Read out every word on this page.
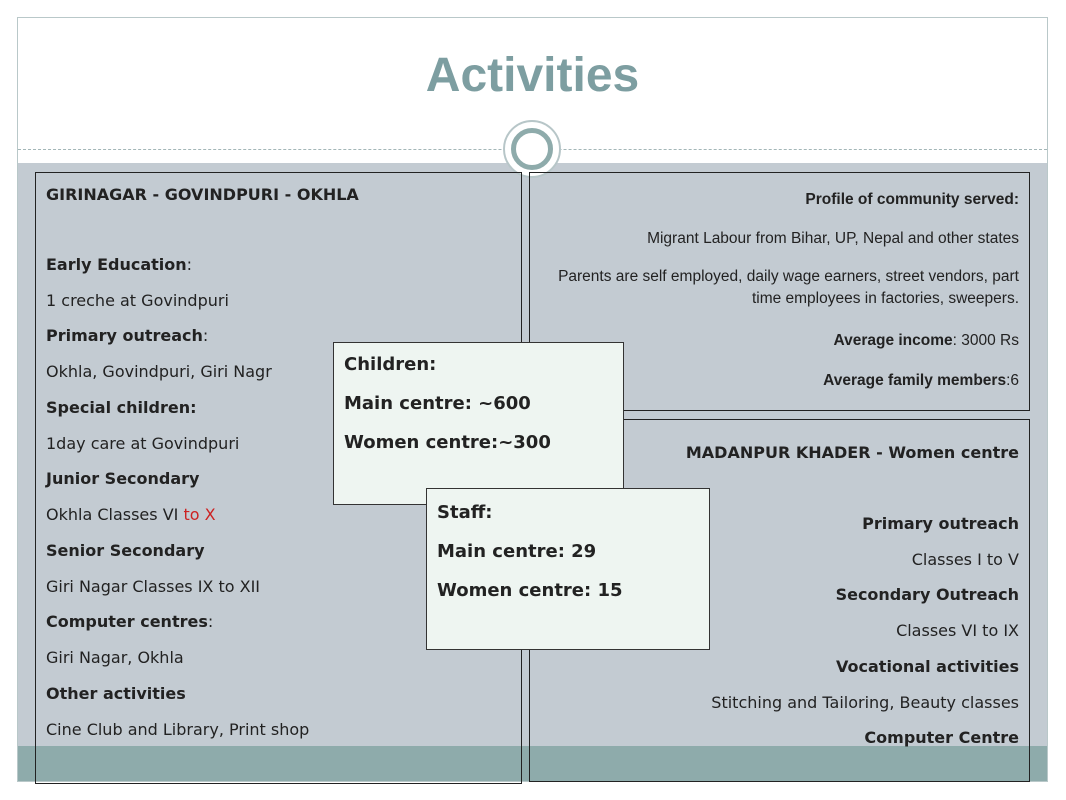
Activities
GIRINAGAR - GOVINDPURI - OKHLA
Early Education:
1 creche at Govindpuri
Primary outreach:
Okhla, Govindpuri, Giri Nagr
Special children:
1day care at Govindpuri
Junior Secondary
Okhla Classes VI to X
Senior Secondary
Giri Nagar Classes IX to XII
Computer centres:
Giri Nagar, Okhla
Other activities
Cine Club and Library, Print shop
Profile of community served:
Migrant Labour from Bihar, UP, Nepal and other states
Parents are self employed, daily wage earners, street vendors, part time employees in factories, sweepers.
Average income: 3000 Rs
Average family members:6
MADANPUR KHADER - Women centre
Primary outreach
Classes I to V
Secondary Outreach
Classes VI to IX
Vocational activities
Stitching and Tailoring, Beauty classes
Computer Centre
Children:
Main centre: ~600
Women centre:~300
Staff:
Main centre: 29
Women centre: 15
